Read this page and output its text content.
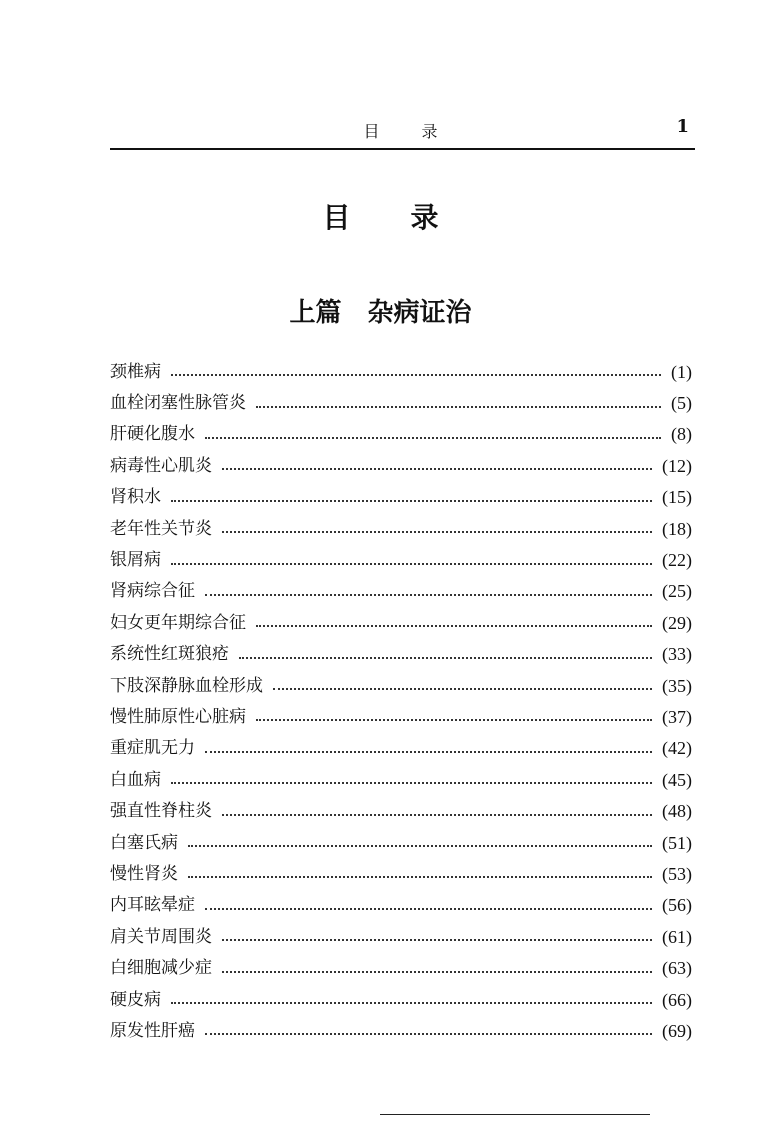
目 录	1
目 录
上篇 杂病证治
颈椎病	(1)
血栓闭塞性脉管炎	(5)
肝硬化腹水	(8)
病毒性心肌炎	(12)
肾积水	(15)
老年性关节炎	(18)
银屑病	(22)
肾病综合征	(25)
妇女更年期综合征	(29)
系统性红斑狼疮	(33)
下肢深静脉血栓形成	(35)
慢性肺原性心脏病	(37)
重症肌无力	(42)
白血病	(45)
强直性脊柱炎	(48)
白塞氏病	(51)
慢性肾炎	(53)
内耳眩晕症	(56)
肩关节周围炎	(61)
白细胞减少症	(63)
硬皮病	(66)
原发性肝癌	(69)
